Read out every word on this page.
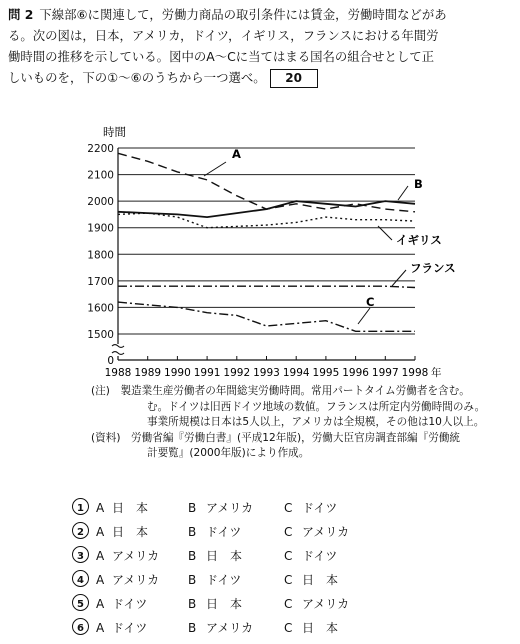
問 2 下線部⑥に関連して，労働力商品の取引条件には賃金，労働時間などがあ
る。次の図は，日本，アメリカ，ドイツ，イギリス，フランスにおける年間労
働時間の推移を示している。図中のA～Cに当てはまる国名の組合せとして正
しいものを，下の①～⑥のうちから一つ選べ。 20
1500
1600
1700
1800
1900
2000
2100
2200
0
時間
1988 1989 1990 1991 1992 1993 1994 1995 1996 1997 1998 年
A
B
イギリス
フランス
C
(注)　製造業生産労働者の年間総実労働時間。常用パートタイム労働者を含む。
む。ドイツは旧西ドイツ地域の数値。フランスは所定内労働時間のみ。
事業所規模は日本は5人以上，アメリカは全規模，その他は10人以上。
(資料)　労働省編『労働白書』(平成12年版)，労働大臣官房調査部編『労働統
計要覧』(2000年版)により作成。
1	A 日　本	B アメリカ	C ドイツ
2	A 日　本	B ドイツ	C アメリカ
3	A アメリカ B 日　本	C ドイツ
4	A アメリカ B ドイツ	C 日　本
5	A ドイツ	B 日　本	C アメリカ
6	A ドイツ	B アメリカ	C 日　本
